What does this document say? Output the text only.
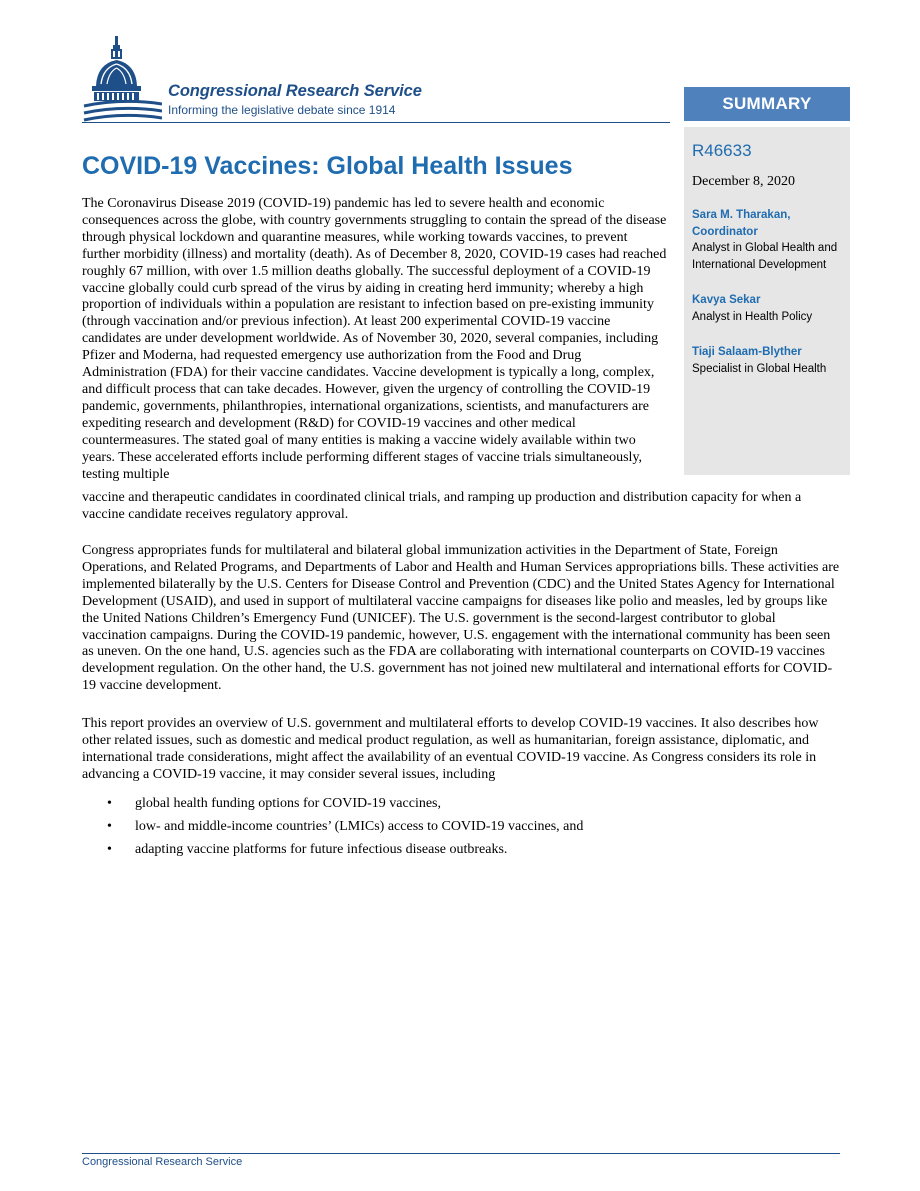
Congressional Research Service
Informing the legislative debate since 1914	SUMMARY
R46633
December 8, 2020
Sara M. Tharakan, Coordinator
Analyst in Global Health and International Development
Kavya Sekar
Analyst in Health Policy
Tiaji Salaam-Blyther
Specialist in Global Health
COVID-19 Vaccines: Global Health Issues

The Coronavirus Disease 2019 (COVID-19) pandemic has led to severe health and economic consequences across the globe, with country governments struggling to contain the spread of the disease through physical lockdown and quarantine measures, while working towards vaccines, to prevent further morbidity (illness) and mortality (death). As of December 8, 2020, COVID-19 cases had reached roughly 67 million, with over 1.5 million deaths globally. The successful deployment of a COVID-19 vaccine globally could curb spread of the virus by aiding in creating herd immunity; whereby a high proportion of individuals within a population are resistant to infection based on pre-existing immunity (through vaccination and/or previous infection). At least 200 experimental COVID-19 vaccine candidates are under development worldwide. As of November 30, 2020, several companies, including Pfizer and Moderna, had requested emergency use authorization from the Food and Drug Administration (FDA) for their vaccine candidates. Vaccine development is typically a long, complex, and difficult process that can take decades. However, given the urgency of controlling the COVID-19 pandemic, governments, philanthropies, international organizations, scientists, and manufacturers are expediting research and development (R&D) for COVID-19 vaccines and other medical countermeasures. The stated goal of many entities is making a vaccine widely available within two years. These accelerated efforts include performing different stages of vaccine trials simultaneously, testing multiple

vaccine and therapeutic candidates in coordinated clinical trials, and ramping up production and distribution capacity for when a vaccine candidate receives regulatory approval.

Congress appropriates funds for multilateral and bilateral global immunization activities in the Department of State, Foreign Operations, and Related Programs, and Departments of Labor and Health and Human Services appropriations bills. These activities are implemented bilaterally by the U.S. Centers for Disease Control and Prevention (CDC) and the United States Agency for International Development (USAID), and used in support of multilateral vaccine campaigns for diseases like polio and measles, led by groups like the United Nations Children’s Emergency Fund (UNICEF). The U.S. government is the second-largest contributor to global vaccination campaigns. During the COVID-19 pandemic, however, U.S. engagement with the international community has been seen as uneven. On the one hand, U.S. agencies such as the FDA are collaborating with international counterparts on COVID-19 vaccines development regulation. On the other hand, the U.S. government has not joined new multilateral and international efforts for COVID-19 vaccine development.

This report provides an overview of U.S. government and multilateral efforts to develop COVID-19 vaccines. It also describes how other related issues, such as domestic and medical product regulation, as well as humanitarian, foreign assistance, diplomatic, and international trade considerations, might affect the availability of an eventual COVID-19 vaccine. As Congress considers its role in advancing a COVID-19 vaccine, it may consider several issues, including

• global health funding options for COVID-19 vaccines,
• low- and middle-income countries’ (LMICs) access to COVID-19 vaccines, and
• adapting vaccine platforms for future infectious disease outbreaks.
Congressional Research Service
